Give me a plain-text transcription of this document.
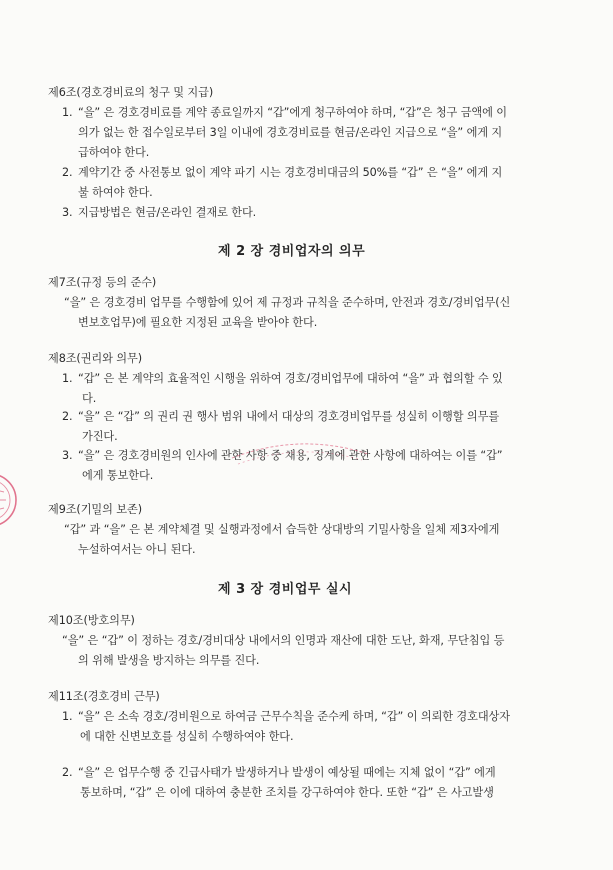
제6조(경호경비료의 청구 및 지급)
1. “을” 은 경호경비료를 계약 종료일까지 “갑”에게 청구하여야 하며, “갑”은 청구 금액에 이
의가 없는 한 접수일로부터 3일 이내에 경호경비료를 현금/온라인 지급으로 “을” 에게 지
급하여야 한다.
2. 계약기간 중 사전통보 없이 계약 파기 시는 경호경비대금의 50%를 “갑” 은 “을” 에게 지
불 하여야 한다.
3. 지급방법은 현금/온라인 결재로 한다.
제 2 장 경비업자의 의무
제7조(규정 등의 준수)
“을” 은 경호경비 업무를 수행함에 있어 제 규정과 규칙을 준수하며, 안전과 경호/경비업무(신
변보호업무)에 필요한 지정된 교육을 받아야 한다.
제8조(권리와 의무)
1. “갑” 은 본 계약의 효율적인 시행을 위하여 경호/경비업무에 대하여 “을” 과 협의할 수 있
다.
2. “을” 은 “갑” 의 권리 권 행사 범위 내에서 대상의 경호경비업무를 성실히 이행할 의무를
가진다.
3. “을” 은 경호경비원의 인사에 관한 사항 중 채용, 징계에 관한 사항에 대하여는 이를 “갑”
에게 통보한다.
제9조(기밀의 보존)
“갑” 과 “을” 은 본 계약체결 및 실행과정에서 습득한 상대방의 기밀사항을 일체 제3자에게
누설하여서는 아니 된다.
제 3 장 경비업무 실시
제10조(방호의무)
“을” 은 “갑” 이 정하는 경호/경비대상 내에서의 인명과 재산에 대한 도난, 화재, 무단침입 등
의 위해 발생을 방지하는 의무를 진다.
제11조(경호경비 근무)
1. “을” 은 소속 경호/경비원으로 하여금 근무수칙을 준수케 하며, “갑” 이 의뢰한 경호대상자
에 대한 신변보호를 성실히 수행하여야 한다.
2. “을” 은 업무수행 중 긴급사태가 발생하거나 발생이 예상될 때에는 지체 없이 “갑” 에게
통보하며, “갑” 은 이에 대하여 충분한 조치를 강구하여야 한다. 또한 “갑” 은 사고발생
